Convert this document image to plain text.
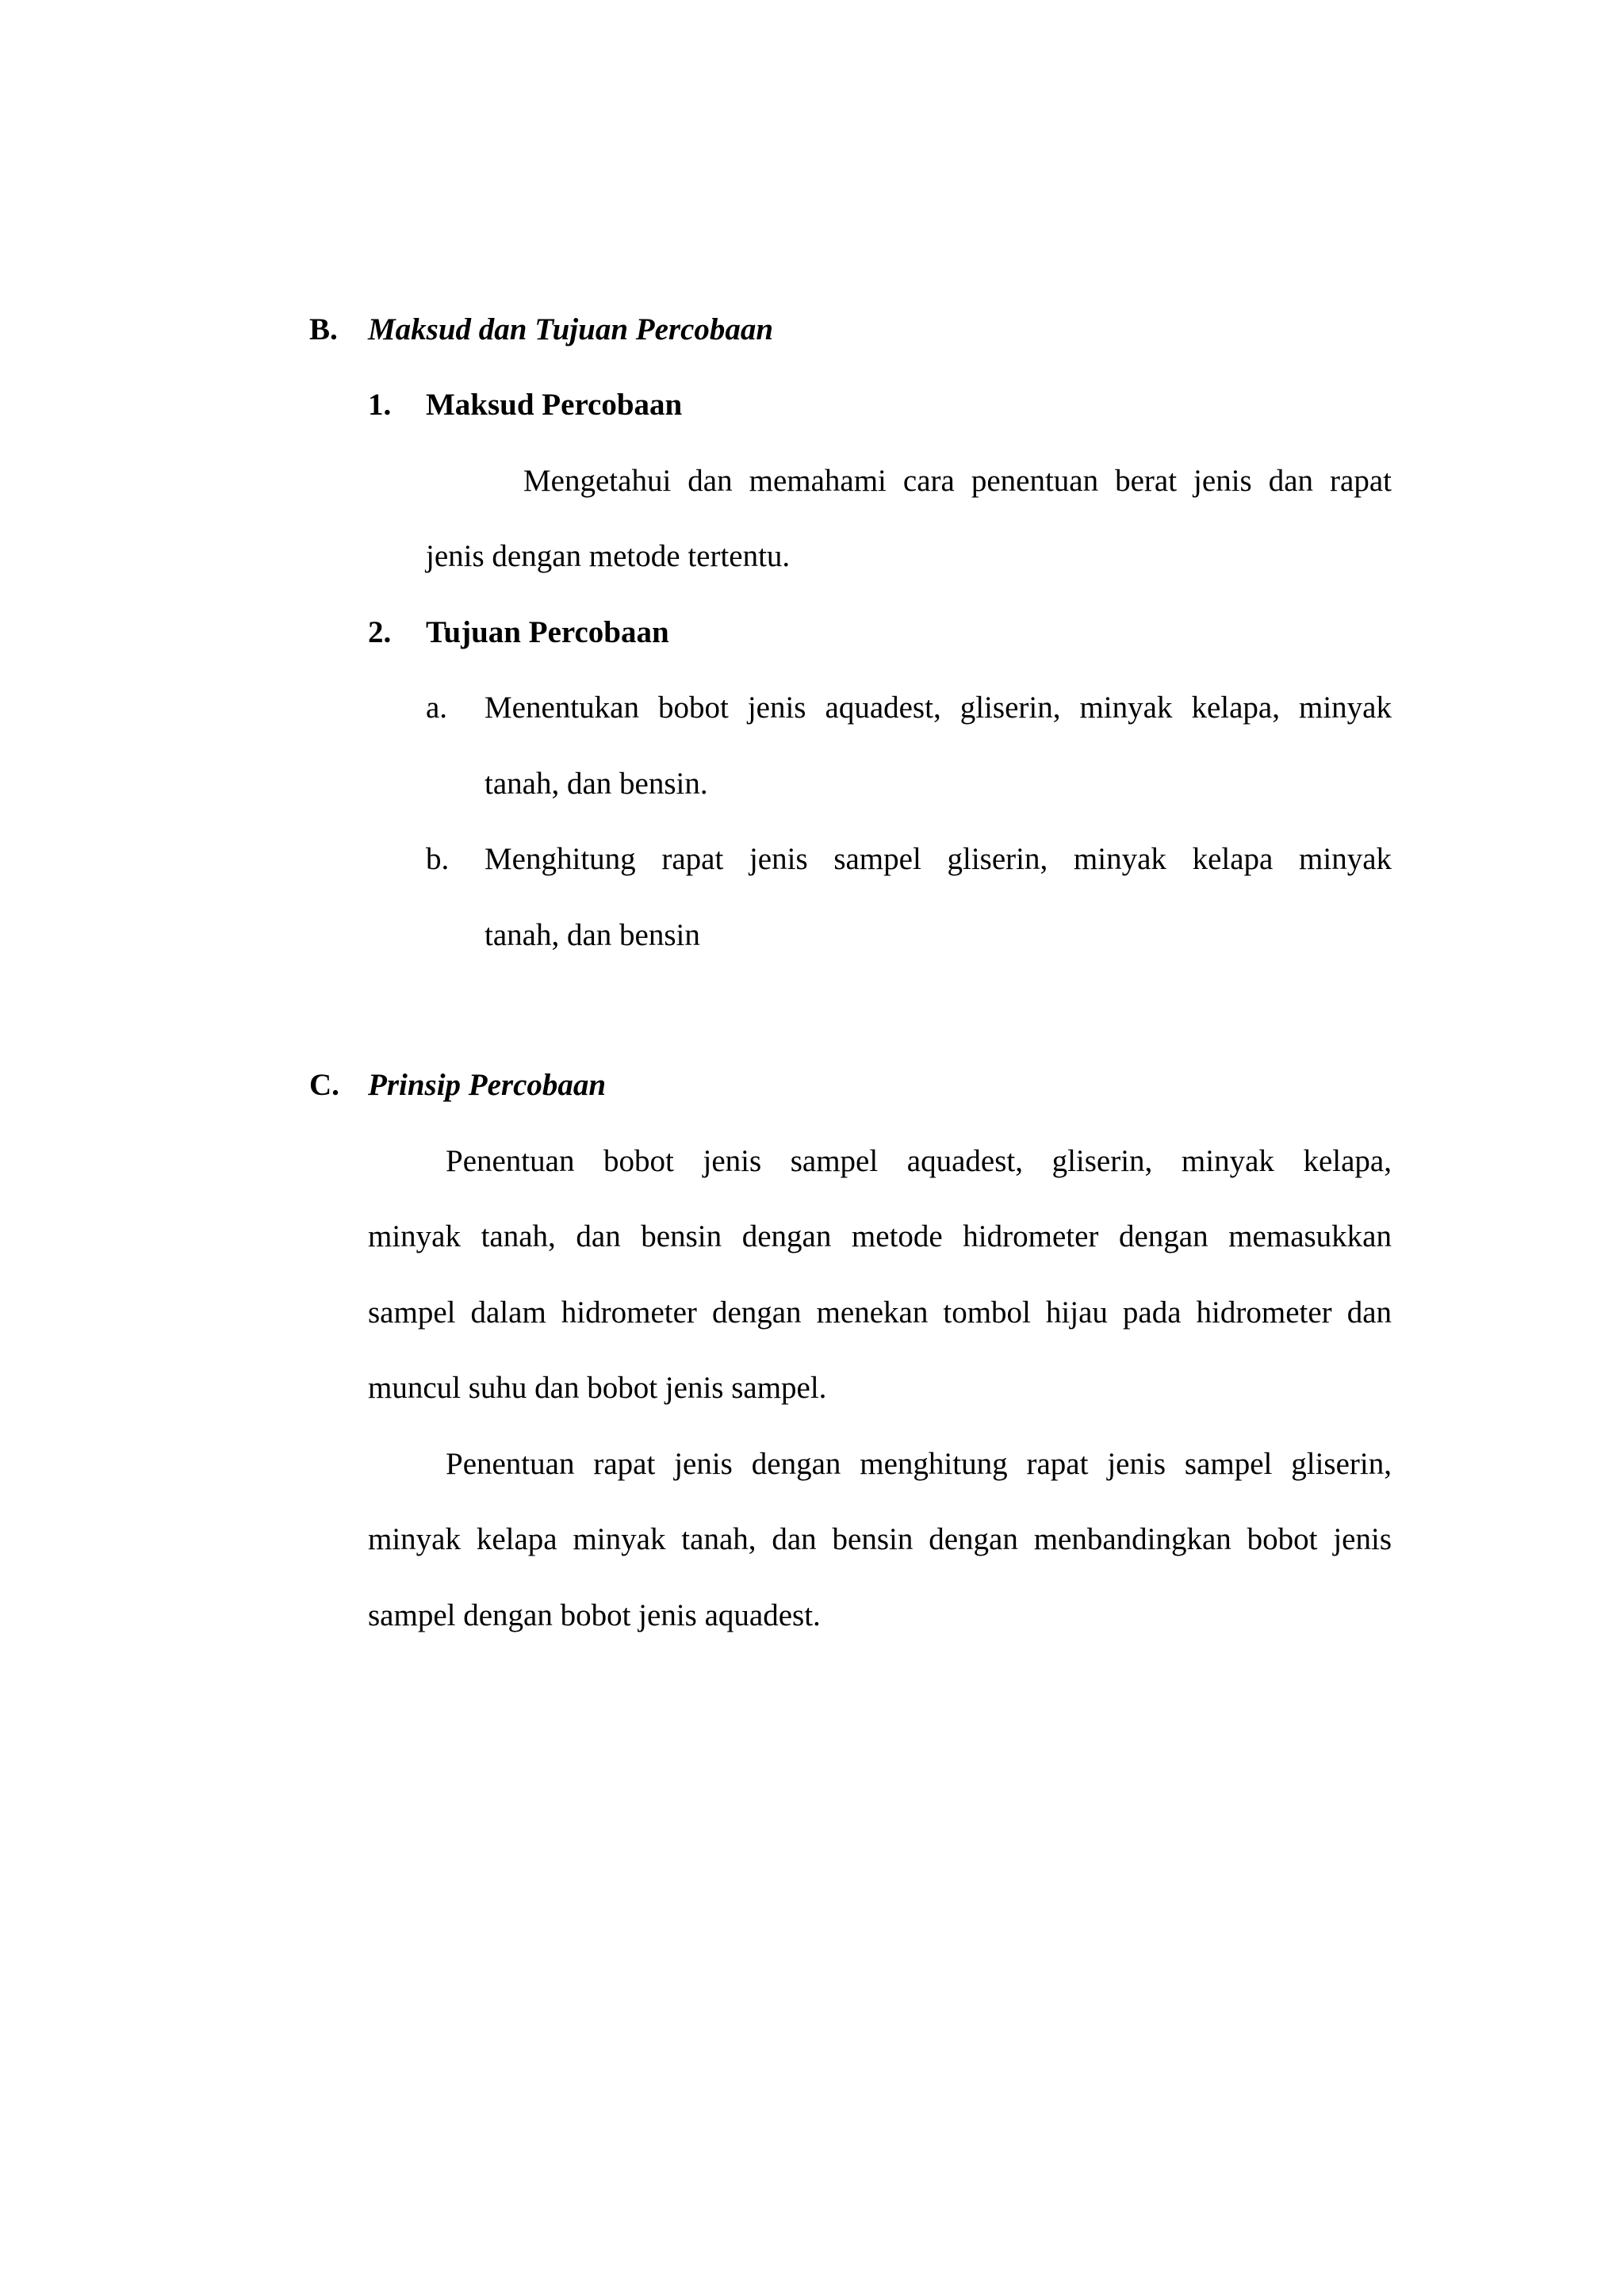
B. Maksud dan Tujuan Percobaan
1. Maksud Percobaan
Mengetahui dan memahami cara penentuan berat jenis dan rapat
jenis dengan metode tertentu.
2. Tujuan Percobaan
a. Menentukan bobot jenis aquadest, gliserin, minyak kelapa, minyak
tanah, dan bensin.
b. Menghitung rapat jenis sampel gliserin, minyak kelapa minyak
tanah, dan bensin
C. Prinsip Percobaan
Penentuan bobot jenis sampel aquadest, gliserin, minyak kelapa,
minyak tanah, dan bensin dengan metode hidrometer dengan memasukkan
sampel dalam hidrometer dengan menekan tombol hijau pada hidrometer dan
muncul suhu dan bobot jenis sampel.
Penentuan rapat jenis dengan menghitung rapat jenis sampel gliserin,
minyak kelapa minyak tanah, dan bensin dengan menbandingkan bobot jenis
sampel dengan bobot jenis aquadest.
